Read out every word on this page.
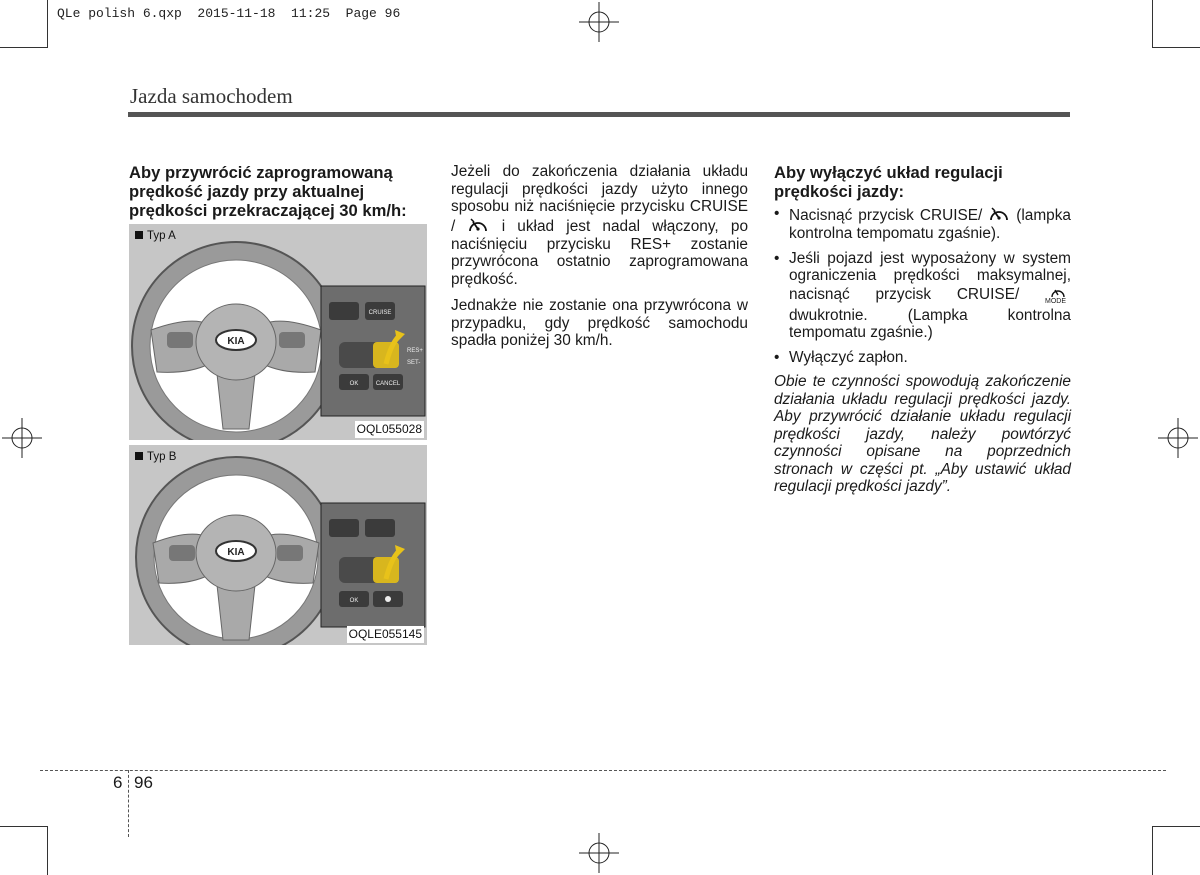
QLe polish 6.qxp  2015-11-18  11:25  Page 96
Jazda samochodem
Aby przywrócić zaprogramowaną prędkość jazdy przy aktualnej prędkości przekraczającej 30 km/h:
KIA
CRUISE
RES+
SET-
OK	CANCEL
Typ A
OQL055028
KIA
OK
Typ B
OQLE055145

Jeżeli do zakończenia działania układu regulacji prędkości jazdy użyto innego sposobu niż naciśnięcie przycisku CRUISE /	i układ jest nadal włączony, po naciśnięciu przycisku RES+ zostanie przywrócona ostatnio zaprogramowana prędkość.

Jednakże nie zostanie ona przywrócona w przypadku, gdy prędkość samochodu spadła poniżej 30 km/h.

Aby wyłączyć układ regulacji prędkości jazdy:
• Nacisnąć przycisk CRUISE/ (lampka kontrolna tempomatu zgaśnie).
• Jeśli pojazd jest wyposażony w system ograniczenia prędkości maksymalnej, nacisnąć przycisk CRUISE/	MODE
dwukrotnie. (Lampka kontrolna tempomatu zgaśnie.)
• Wyłączyć zapłon.

Obie te czynności spowodują zakończenie działania układu regulacji prędkości jazdy. Aby przywrócić działanie układu regulacji prędkości jazdy, należy powtórzyć czynności opisane na poprzednich stronach w części pt. „Aby ustawić układ regulacji prędkości jazdy”.

6 96
